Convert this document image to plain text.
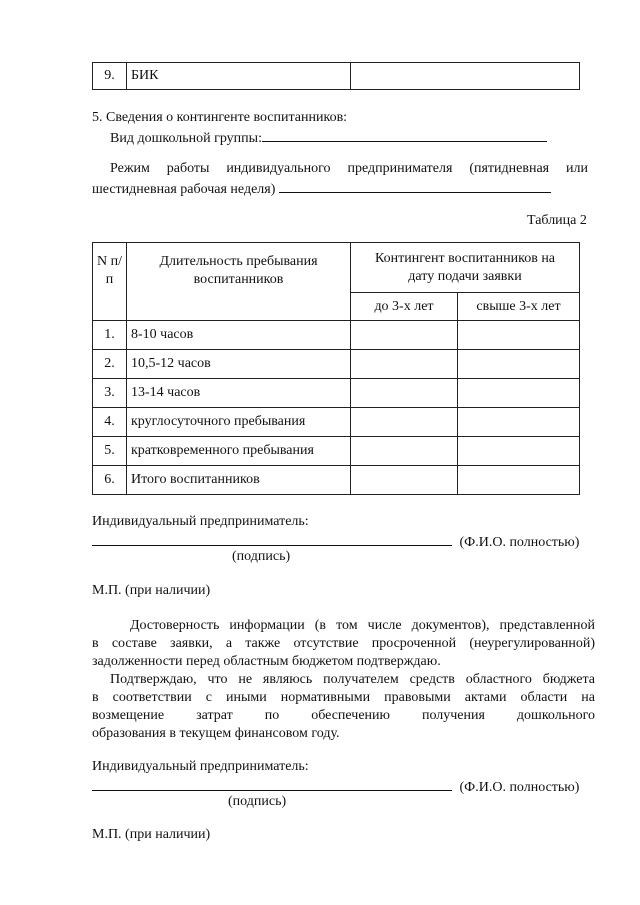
9.	БИК	
5. Сведения о контингенте воспитанников:
Вид дошкольной группы:
Режим работы индивидуального предпринимателя (пятидневная или
шестидневная рабочая неделя)
Таблица 2
N п/п	Длительность пребывания воспитанников	Контингент воспитанников на дату подачи заявки	
		до 3-х лет	свыше 3-х лет
1.	8-10 часов		
2.	10,5-12 часов		
3.	13-14 часов		
4.	круглосуточного пребывания		
5.	кратковременного пребывания		
6.	Итого воспитанников		
Индивидуальный предприниматель:
(Ф.И.О. полностью)
(подпись)
М.П. (при наличии)
Достоверность информации (в том числе документов), представленной
в составе заявки, а также отсутствие просроченной (неурегулированной)
задолженности перед областным бюджетом подтверждаю.
Подтверждаю, что не являюсь получателем средств областного бюджета
в соответствии с иными нормативными правовыми актами области на
возмещение затрат по обеспечению получения дошкольного
образования в текущем финансовом году.
Индивидуальный предприниматель:
(Ф.И.О. полностью)
(подпись)
М.П. (при наличии)
